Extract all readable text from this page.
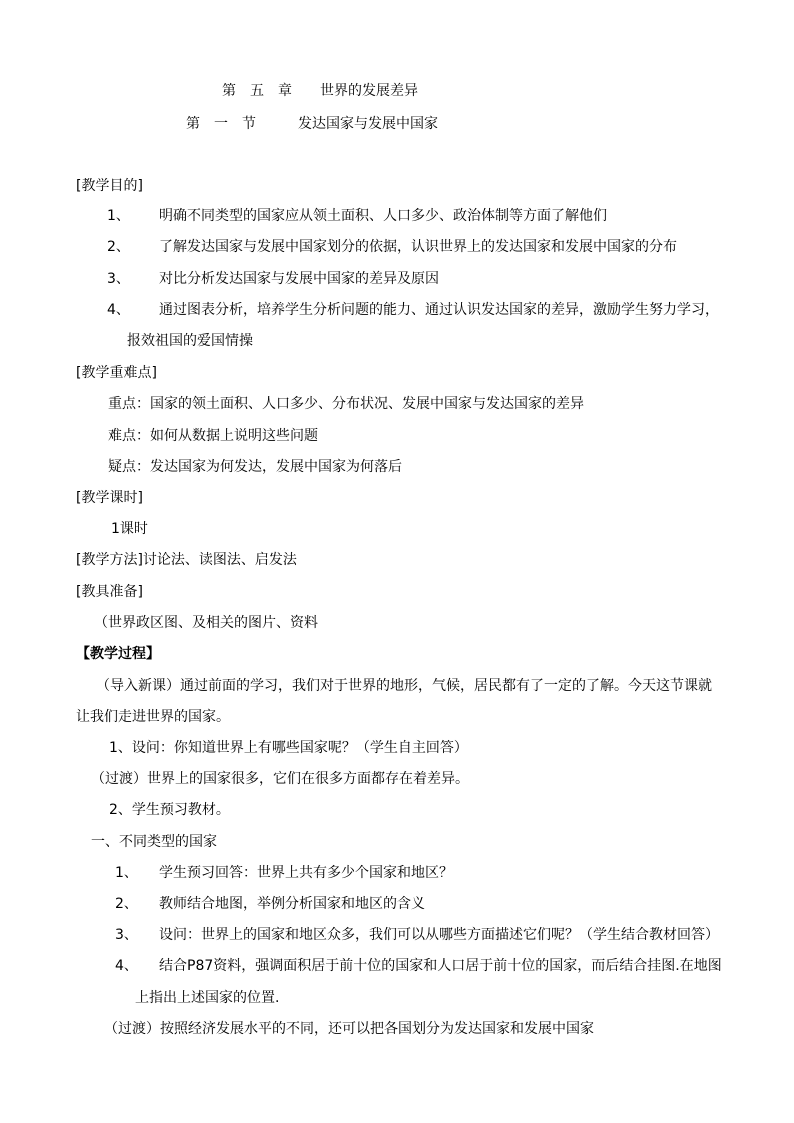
第　五　章　　世界的发展差异
第　一　节　　　发达国家与发展中国家
[教学目的]
1、 明确不同类型的国家应从领土面积、人口多少、政治体制等方面了解他们
2、 了解发达国家与发展中国家划分的依据，认识世界上的发达国家和发展中国家的分布
3、 对比分析发达国家与发展中国家的差异及原因
4、 通过图表分析，培养学生分析问题的能力、通过认识发达国家的差异，激励学生努力学习，
报效祖国的爱国情操
[教学重难点]
重点：国家的领土面积、人口多少、分布状况、发展中国家与发达国家的差异
难点：如何从数据上说明这些问题
疑点：发达国家为何发达，发展中国家为何落后
[教学课时]
1课时
[教学方法]讨论法、读图法、启发法
[教具准备]
（世界政区图、及相关的图片、资料
【教学过程】
（导入新课）通过前面的学习，我们对于世界的地形，气候，居民都有了一定的了解。今天这节课就
让我们走进世界的国家。
1、设问：你知道世界上有哪些国家呢？（学生自主回答）
（过渡）世界上的国家很多，它们在很多方面都存在着差异。
2、学生预习教材。
一、不同类型的国家
1、 学生预习回答：世界上共有多少个国家和地区？
2、 教师结合地图，举例分析国家和地区的含义
3、 设问：世界上的国家和地区众多，我们可以从哪些方面描述它们呢？（学生结合教材回答）
4、 结合P87资料，强调面积居于前十位的国家和人口居于前十位的国家，而后结合挂图.在地图
上指出上述国家的位置.
（过渡）按照经济发展水平的不同，还可以把各国划分为发达国家和发展中国家
